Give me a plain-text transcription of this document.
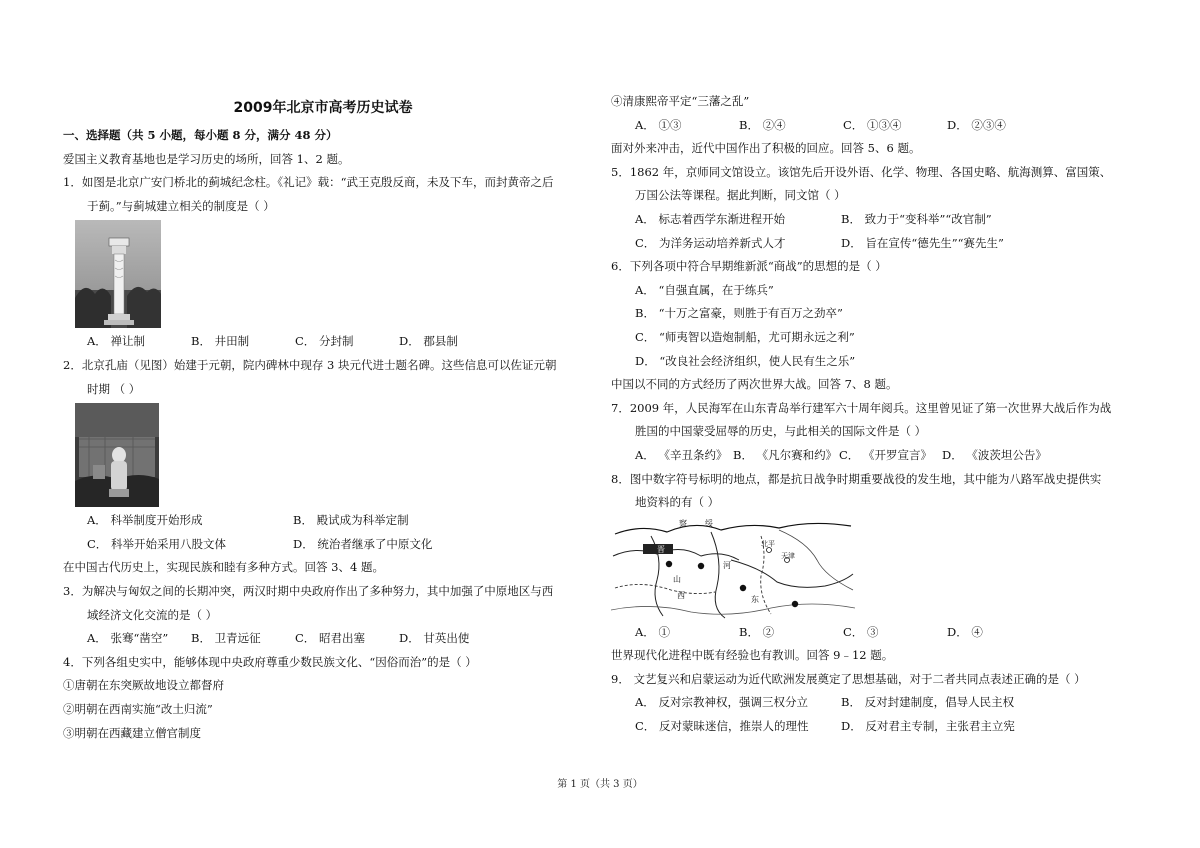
2009年北京市高考历史试卷
一、选择题（共 5 小题，每小题 8 分，满分 48 分）
爱国主义教育基地也是学习历史的场所，回答 1、2 题。
1．如图是北京广安门桥北的蓟城纪念柱。《礼记》载：“武王克殷反商，未及下车，而封黄帝之后
于蓟。”与蓟城建立相关的制度是（ ）
A． 禅让制	B． 井田制	C． 分封制	D． 郡县制
2．北京孔庙（见图）始建于元朝，院内碑林中现存 3 块元代进士题名碑。这些信息可以佐证元朝
时期 （ ）
A． 科举制度开始形成	B． 殿试成为科举定制
C． 科举开始采用八股文体	D． 统治者继承了中原文化
在中国古代历史上，实现民族和睦有多种方式。回答 3、4 题。
3．为解决与匈奴之间的长期冲突，两汉时期中央政府作出了多种努力，其中加强了中原地区与西
域经济文化交流的是（ ）
A． 张骞“凿空”	B． 卫青远征	C． 昭君出塞	D． 甘英出使
4．下列各组史实中，能够体现中央政府尊重少数民族文化、“因俗而治”的是（ ）
①唐朝在东突厥故地设立都督府
②明朝在西南实施“改土归流”
③明朝在西藏建立僧官制度
④清康熙帝平定“三藩之乱”
A． ①③	B． ②④	C． ①③④	D． ②③④
面对外来冲击，近代中国作出了积极的回应。回答 5、6 题。
5．1862 年，京师同文馆设立。该馆先后开设外语、化学、物理、各国史略、航海测算、富国策、
万国公法等课程。据此判断，同文馆（ ）
A． 标志着西学东渐进程开始	B． 致力于“变科举”“改官制”
C． 为洋务运动培养新式人才	D． 旨在宣传“德先生”“赛先生”
6．下列各项中符合早期维新派“商战”的思想的是（ ）
A． “自强直属，在于练兵”
B． “十万之富豪，则胜于有百万之劲卒”
C． “师夷智以造炮制船，尤可期永远之利”
D． “改良社会经济组织，使人民有生之乐”
中国以不同的方式经历了两次世界大战。回答 7、8 题。
7．2009 年，人民海军在山东青岛举行建军六十周年阅兵。这里曾见证了第一次世界大战后作为战
胜国的中国蒙受屈辱的历史，与此相关的国际文件是（ ）
A． 《辛丑条约》 B． 《凡尔赛和约》 C． 《开罗宣言》 D． 《波茨坦公告》
8．图中数字符号标明的地点，都是抗日战争时期重要战役的发生地，其中能为八路军战史提供实
地资料的有（ ）
察 绥
晋
北平
天津
河
山
西	东
A． ①	B． ②	C． ③	D． ④
世界现代化进程中既有经验也有教训。回答 9﹣12 题。
9． 文艺复兴和启蒙运动为近代欧洲发展奠定了思想基础，对于二者共同点表述正确的是（ ）
A． 反对宗教神权，强调三权分立	B． 反对封建制度，倡导人民主权
C． 反对蒙昧迷信，推崇人的理性	D． 反对君主专制，主张君主立宪
第 1 页（共 3 页）
